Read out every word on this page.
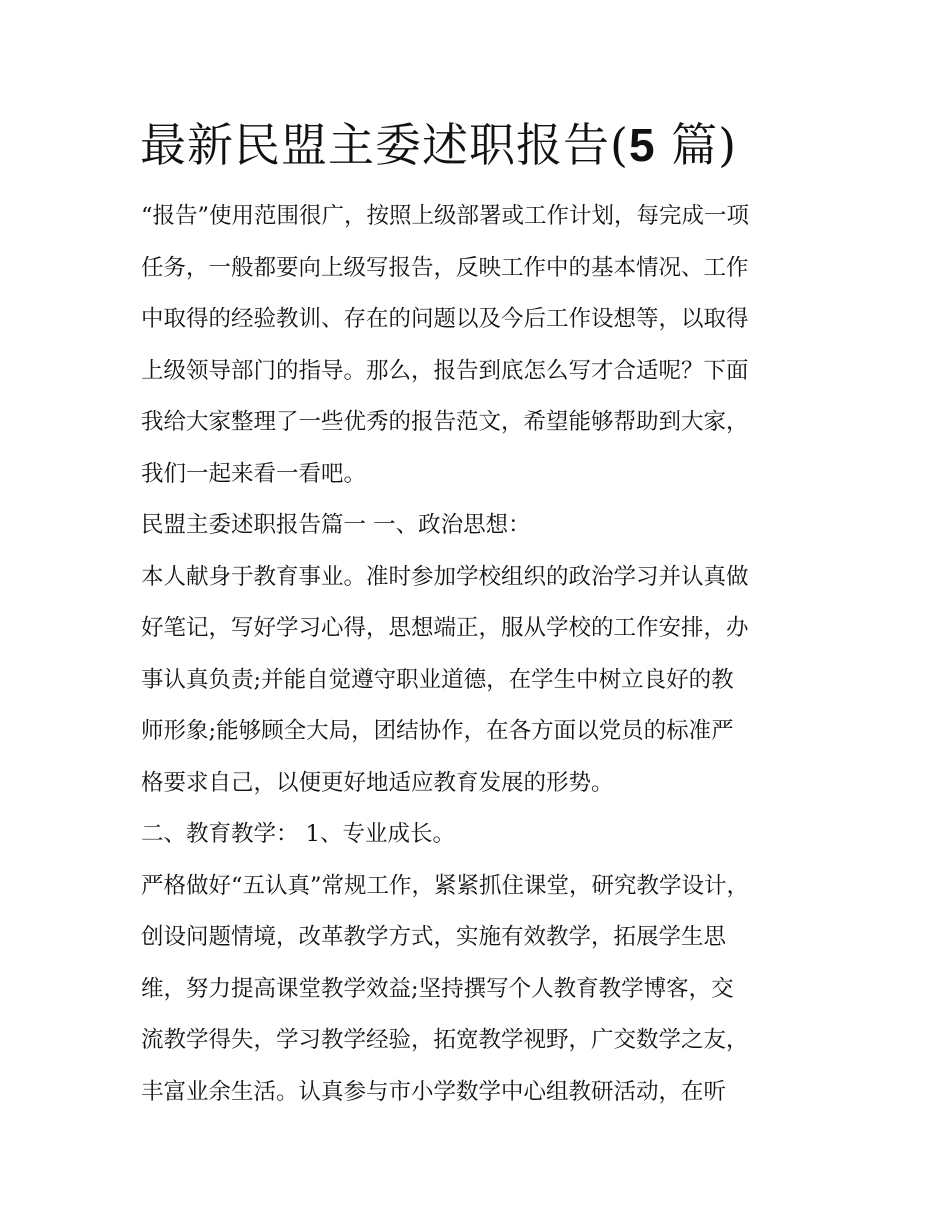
最新民盟主委述职报告(5 篇)
“报告”使用范围很广，按照上级部署或工作计划，每完成一项
任务，一般都要向上级写报告，反映工作中的基本情况、工作
中取得的经验教训、存在的问题以及今后工作设想等，以取得
上级领导部门的指导。那么，报告到底怎么写才合适呢？下面
我给大家整理了一些优秀的报告范文，希望能够帮助到大家，
我们一起来看一看吧。
民盟主委述职报告篇一 一、政治思想：
本人献身于教育事业。准时参加学校组织的政治学习并认真做
好笔记，写好学习心得，思想端正，服从学校的工作安排，办
事认真负责;并能自觉遵守职业道德，在学生中树立良好的教
师形象;能够顾全大局，团结协作，在各方面以党员的标准严
格要求自己，以便更好地适应教育发展的形势。
二、教育教学： 1、专业成长。
严格做好“五认真”常规工作，紧紧抓住课堂，研究教学设计，
创设问题情境，改革教学方式，实施有效教学，拓展学生思
维，努力提高课堂教学效益;坚持撰写个人教育教学博客，交
流教学得失，学习教学经验，拓宽教学视野，广交数学之友，
丰富业余生活。认真参与市小学数学中心组教研活动，在听
